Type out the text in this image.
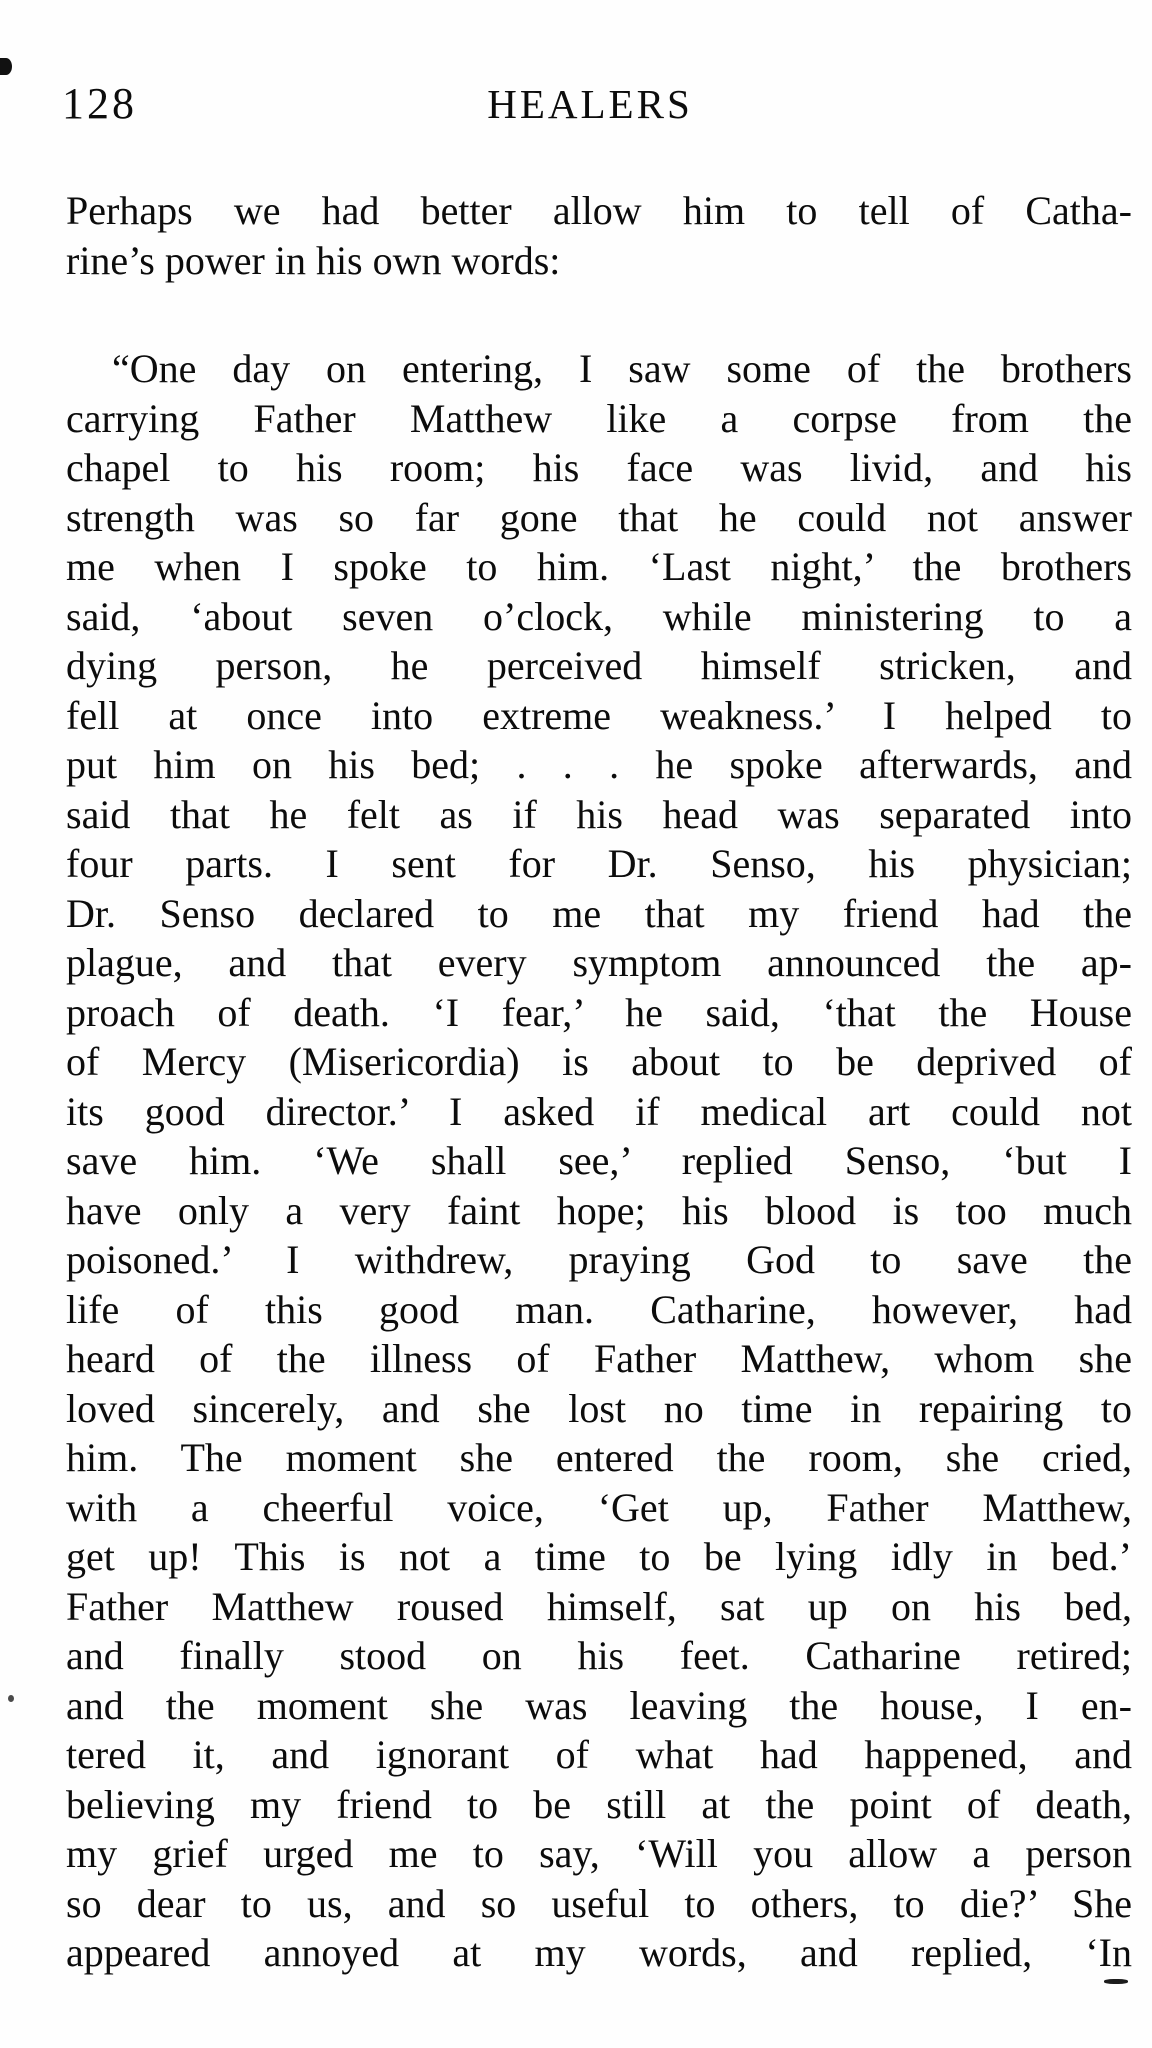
128	HEALERS
Perhaps we had better allow him to tell of Catha-
rine’s power in his own words:
“One day on entering, I saw some of the brothers
carrying Father Matthew like a corpse from the
chapel to his room; his face was livid, and his
strength was so far gone that he could not answer
me when I spoke to him. ‘Last night,’ the brothers
said, ‘about seven o’clock, while ministering to a
dying person, he perceived himself stricken, and
fell at once into extreme weakness.’ I helped to
put him on his bed; . . . he spoke afterwards, and
said that he felt as if his head was separated into
four parts. I sent for Dr. Senso, his physician;
Dr. Senso declared to me that my friend had the
plague, and that every symptom announced the ap-
proach of death. ‘I fear,’ he said, ‘that the House
of Mercy (Misericordia) is about to be deprived of
its good director.’ I asked if medical art could not
save him. ‘We shall see,’ replied Senso, ‘but I
have only a very faint hope; his blood is too much
poisoned.’ I withdrew, praying God to save the
life of this good man. Catharine, however, had
heard of the illness of Father Matthew, whom she
loved sincerely, and she lost no time in repairing to
him. The moment she entered the room, she cried,
with a cheerful voice, ‘Get up, Father Matthew,
get up! This is not a time to be lying idly in bed.’
Father Matthew roused himself, sat up on his bed,
and finally stood on his feet. Catharine retired;
and the moment she was leaving the house, I en-
tered it, and ignorant of what had happened, and
believing my friend to be still at the point of death,
my grief urged me to say, ‘Will you allow a person
so dear to us, and so useful to others, to die?’ She
appeared annoyed at my words, and replied, ‘In
